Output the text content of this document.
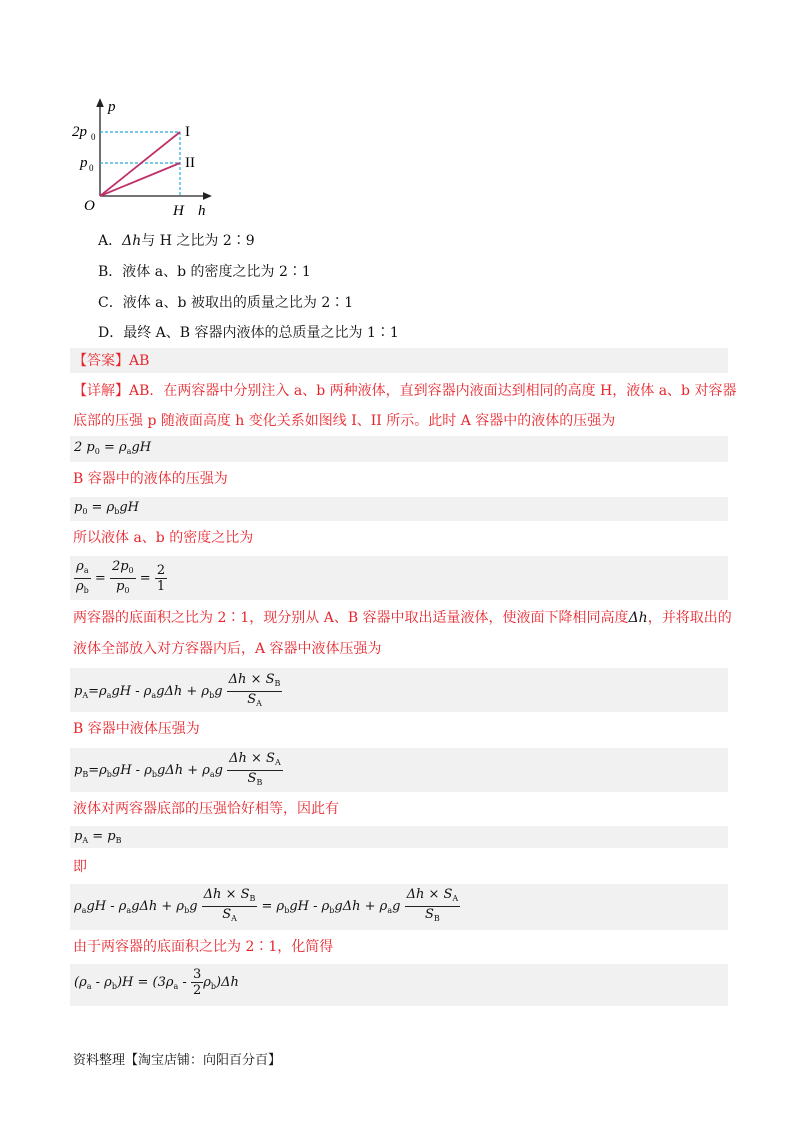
p
h
2p 0
p 0
O	H
I
II
A．Δh与 H 之比为 2∶9
B．液体 a、b 的密度之比为 2∶1
C．液体 a、b 被取出的质量之比为 2∶1
D．最终 A、B 容器内液体的总质量之比为 1∶1
【答案】AB
【详解】AB．在两容器中分别注入 a、b 两种液体，直到容器内液面达到相同的高度 H，液体 a、b 对容器
底部的压强 p 随液面高度 h 变化关系如图线 I、II 所示。此时 A 容器中的液体的压强为
2 $p_0 = \rho_agH$
B 容器中的液体的压强为
$p_0 = \rho_bgH$
所以液体 a、b 的密度之比为
$\frac{\rho_a}{\rho_b} = \frac{2p_0}{p_0} = \frac{2}{1}$
两容器的底面积之比为 2∶1，现分别从 A、B 容器中取出适量液体，使液面下降相同高度Δh，并将取出的
液体全部放入对方容器内后，A 容器中液体压强为
$p_A=\rho_agH - \rho_ag\Delta h + \rho_bg \frac{\Delta h \times S_B}{S_A}$
B 容器中液体压强为
$p_B=\rho_bgH - \rho_bg\Delta h + \rho_ag \frac{\Delta h \times S_A}{S_B}$
液体对两容器底部的压强恰好相等，因此有
$p_A = p_B$
即
$\rho_agH - \rho_ag\Delta h + \rho_bg \frac{\Delta h \times S_B}{S_A} = \rho_bgH - \rho_bg\Delta h + \rho_ag \frac{\Delta h \times S_A}{S_B}$
由于两容器的底面积之比为 2∶1，化简得
$(\rho_a - \rho_b)H = (3\rho_a - \frac{3}{2} \rho_b)\Delta h$
资料整理【淘宝店铺：向阳百分百】
